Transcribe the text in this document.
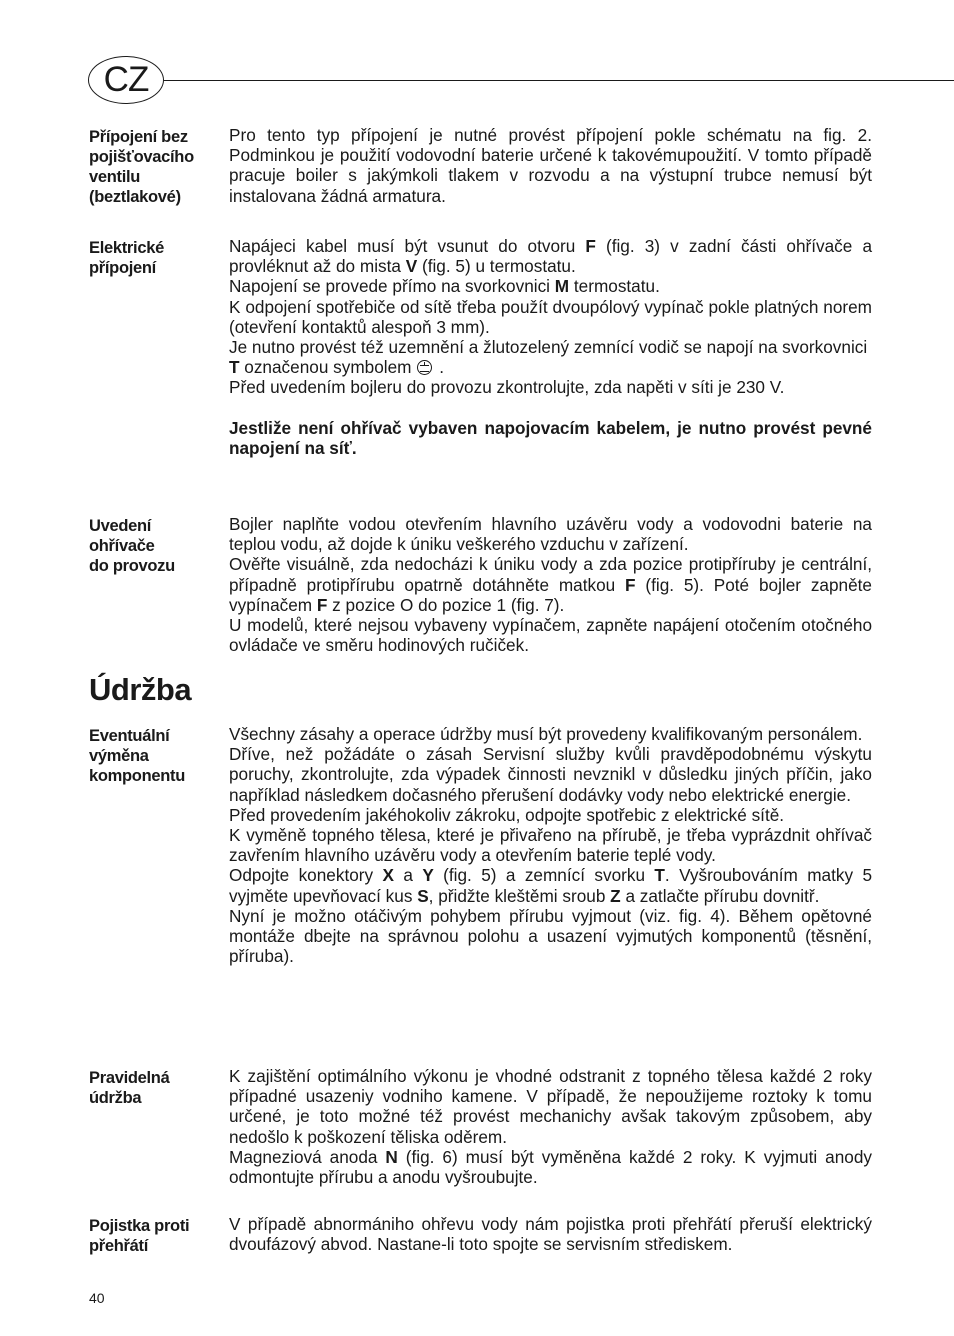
CZ
Přípojení bez
pojišťovacího
ventilu
(beztlakové)

Pro tento typ přípojení je nutné provést přípojení pokle schématu na fig. 2. Podminkou je použití vodovodní baterie určené k takovémupoužití. V tomto případě pracuje boiler s jakýmkoli tlakem v rozvodu a na výstupní trubce nemusí být instalovana žádná armatura.

Elektrické
přípojení

Napájeci kabel musí být vsunut do otvoru F (fig. 3) v zadní části ohřívače a provléknut až do mista V (fig. 5) u termostatu.

Napojení se provede přímo na svorkovnici M termostatu.

K odpojení spotřebiče od sítě třeba použít dvoupólový vypínač pokle platných norem (otevření kontaktů alespoň 3 mm).

Je nutno provést též uzemnění a žlutozelený zemnící vodič se napojí na svorkovnici T označenou symbolem .

Před uvedením bojleru do provozu zkontrolujte, zda napěti v síti je 230 V.

Jestliže není ohřívač vybaven napojovacím kabelem, je nutno provést pevné napojení na síť.

Uvedení
ohřívače
do provozu

Bojler naplňte vodou otevřením hlavního uzávěru vody a vodovodni baterie na teplou vodu, až dojde k úniku veškerého vzduchu v zařízení.

Ověřte visuálně, zda nedocházi k úniku vody a zda pozice protipříruby je centrální, případně protipřírubu opatrně dotáhněte matkou F (fig. 5). Poté bojler zapněte vypínačem F z pozice O do pozice 1 (fig. 7).

U modelů, které nejsou vybaveny vypínačem, zapněte napájení otočením otočného ovládače ve směru hodinových ručiček.

Údržba
Eventuální
výměna
komponentu

Všechny zásahy a operace údržby musí být provedeny kvalifikovaným personálem.

Dříve, než požádáte o zásah Servisní služby kvůli pravděpodobnému výskytu poruchy, zkontrolujte, zda výpadek činnosti nevznikl v důsledku jiných příčin, jako například následkem dočasného přerušení dodávky vody nebo elektrické energie.

Před provedením jakéhokoliv zákroku, odpojte spotřebic z elektrické sítě.

K vyměně topného tělesa, které je přivařeno na přírubě, je třeba vyprázdnit ohřívač zavřením hlavního uzávěru vody a otevřením baterie teplé vody.

Odpojte konektory X a Y (fig. 5) a zemnící svorku T. Vyšroubováním matky 5 vyjměte upevňovací kus S, přidžte kleštěmi sroub Z a zatlačte přírubu dovnitř.

Nyní je možno otáčivým pohybem přírubu vyjmout (viz. fig. 4). Během opětovné montáže dbejte na správnou polohu a usazení vyjmutých komponentů (těsnění, příruba).

Pravidelná
údržba

K zajištění optimálního výkonu je vhodné odstranit z topného tělesa každé 2 roky případné usazeniy vodniho kamene. V případě, že nepoužijeme roztoky k tomu určené, je toto možné též provést mechanichy avšak takovým způsobem, aby nedošlo k poškození těliska oděrem.

Magneziová anoda N (fig. 6) musí být vyměněna každé 2 roky. K vyjmuti anody odmontujte přírubu a anodu vyšroubujte.

Pojistka proti
přehřátí

V případě abnormániho ohřevu vody nám pojistka proti přehřátí přeruší elektrický dvoufázový abvod. Nastane-li toto spojte se servisním střediskem.

40
